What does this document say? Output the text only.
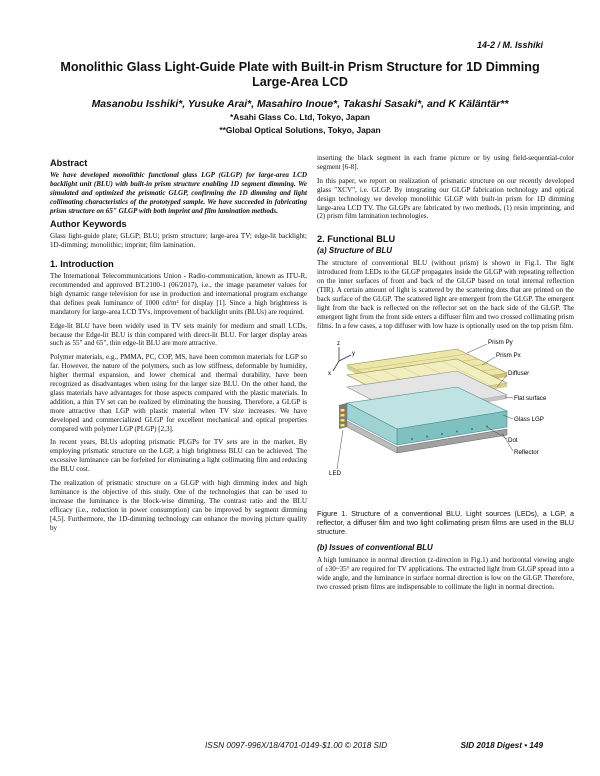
14-2 / M. Isshiki
Monolithic Glass Light-Guide Plate with Built-in Prism Structure for 1D Dimming Large-Area LCD
Masanobu Isshiki*, Yusuke Arai*, Masahiro Inoue*, Takashi Sasaki*, and K Käläntär**
*Asahi Glass Co. Ltd, Tokyo, Japan
**Global Optical Solutions, Tokyo, Japan
Abstract

We have developed monolithic functional glass LGP (GLGP) for large-area LCD backlight unit (BLU) with built-in prism structure enabling 1D segment dimming. We simulated and optimized the prismatic GLGP, confirming the 1D dimming and light collimating characteristics of the prototyped sample. We have succeeded in fabricating prism structure on 65" GLGP with both imprint and film lamination methods.

Author Keywords

Glass light-guide plate; GLGP; BLU; prism structure; large-area TV; edge-lit backlight; 1D-dimming; monolithic; imprint; film lamination.

1. Introduction

The International Telecommunications Union - Radio-communication, known as ITU-R, recommended and approved BT.2100-1 (06/2017), i.e., the image parameter values for high dynamic range television for use in production and international program exchange that defines peak luminance of 1000 cd/m² for display [1]. Since a high brightness is mandatory for large-area LCD TVs, improvement of backlight units (BLUs) are required.

Edge-lit BLU have been widely used in TV sets mainly for medium and small LCDs, because the Edge-lit BLU is thin compared with direct-lit BLU. For larger display areas such as 55" and 65", thin edge-lit BLU are more attractive.

Polymer materials, e.g., PMMA, PC, COP, MS, have been common materials for LGP so far. However, the nature of the polymers, such as low stiffness, deformable by humidity, higher thermal expansion, and lower chemical and thermal durability, have been recognized as disadvantages when using for the larger size BLU. On the other hand, the glass materials have advantages for those aspects compared with the plastic materials. In addition, a thin TV set can be realized by eliminating the housing. Therefore, a GLGP is more attractive than LGP with plastic material when TV size increases. We have developed and commercialized GLGP for excellent mechanical and optical properties compared with polymer LGP (PLGP) [2,3].

In recent years, BLUs adopting prismatic PLGPs for TV sets are in the market. By employing prismatic structure on the LGP, a high brightness BLU can be achieved. The excessive luminance can be forfeited for eliminating a light collimating film and reducing the BLU cost.

The realization of prismatic structure on a GLGP with high dimming index and high luminance is the objective of this study. One of the technologies that can be used to increase the luminance is the block-wise dimming. The contrast ratio and the BLU efficacy (i.e., reduction in power consumption) can be improved by segment dimming [4,5]. Furthermore, the 1D-dimming technology can enhance the moving picture quality by

inserting the black segment in each frame picture or by using field-sequential-color segment [6-8].

In this paper, we report on realization of prismatic structure on our recently developed glass "XCV", i.e. GLGP. By integrating our GLGP fabrication technology and optical design technology we develop monolithic GLGP with built-in prism for 1D dimming large-area LCD TV. The GLGPs are fabricated by two methods, (1) resin imprinting, and (2) prism film lamination technologies.

2. Functional BLU
(a) Structure of BLU

The structure of conventional BLU (without prism) is shown in Fig.1. The light introduced from LEDs to the GLGP propagates inside the GLGP with repeating reflection on the inner surfaces of front and back of the GLGP based on total internal reflection (TIR). A certain amount of light is scattered by the scattering dots that are printed on the back surface of the GLGP. The scattered light are emergent from the GLGP. The emergent light from the back is reflected on the reflector set on the back side of the GLGP. The emergent light from the front side enters a diffuser film and two crossed collimating prism films. In a few cases, a top diffuser with low haze is optionally used on the top prism film.

z
y
x
Prism Py
Prism Px
Diffuser
Flat surface
Glass LGP
Dot
Reflector
LED
Figure 1. Structure of a conventional BLU. Light sources (LEDs), a LGP, a reflector, a diffuser film and two light collimating prism films are used in the BLU structure.
(b) Issues of conventional BLU

A high luminance in normal direction (z-direction in Fig.1) and horizontal viewing angle of ±30~35° are required for TV applications. The extracted light from GLGP spread into a wide angle, and the luminance in surface normal direction is low on the GLGP. Therefore, two crossed prism films are indispensable to collimate the light in normal direction.

ISSN 0097-996X/18/4701-0149-$1.00 © 2018 SID	SID 2018 Digest • 149
